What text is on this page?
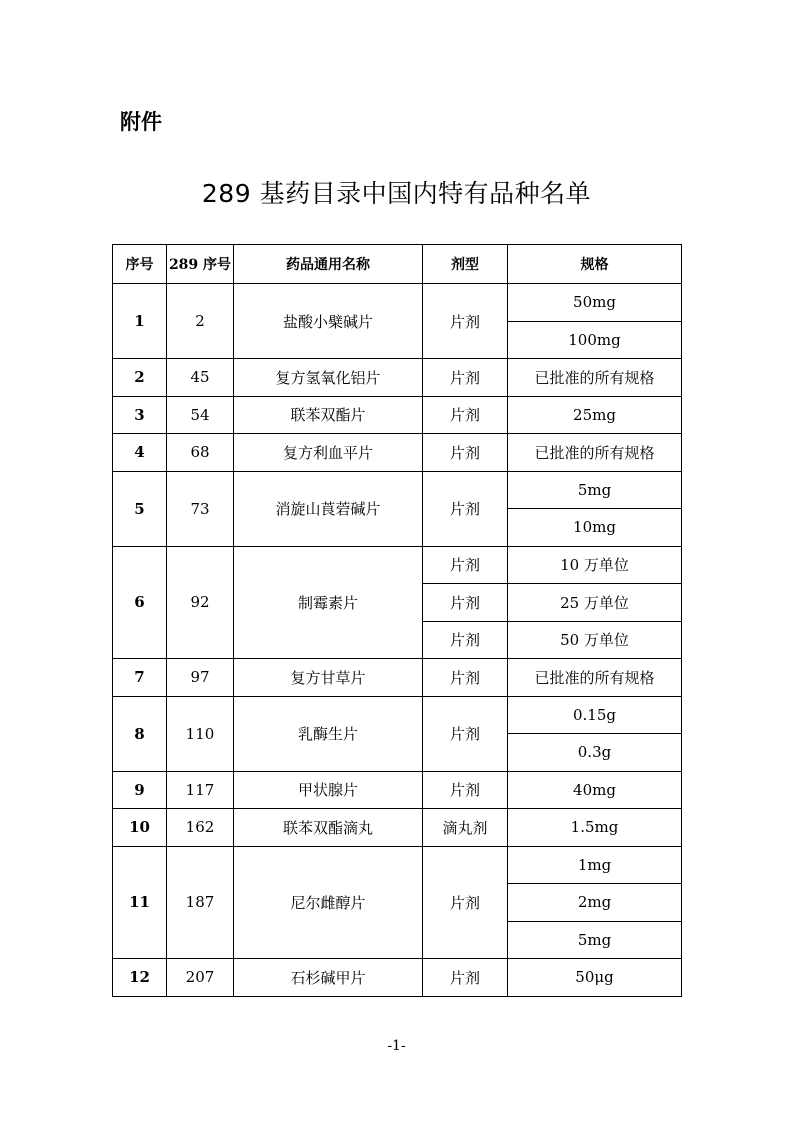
附件
289 基药目录中国内特有品种名单
序号	289 序号	药品通用名称	剂型	规格
1	2	盐酸小檗碱片	片剂	50mg
				100mg
2	45	复方氢氧化铝片	片剂	已批准的所有规格
3	54	联苯双酯片	片剂	25mg
4	68	复方利血平片	片剂	已批准的所有规格
5	73	消旋山莨菪碱片	片剂	5mg
				10mg
6	92	制霉素片	片剂	10 万单位
			片剂	25 万单位
			片剂	50 万单位
7	97	复方甘草片	片剂	已批准的所有规格
8	110	乳酶生片	片剂	0.15g
				0.3g
9	117	甲状腺片	片剂	40mg
10	162	联苯双酯滴丸	滴丸剂	1.5mg
11	187	尼尔雌醇片	片剂	1mg
				2mg
				5mg
12	207	石杉碱甲片	片剂	50μg
-1-
